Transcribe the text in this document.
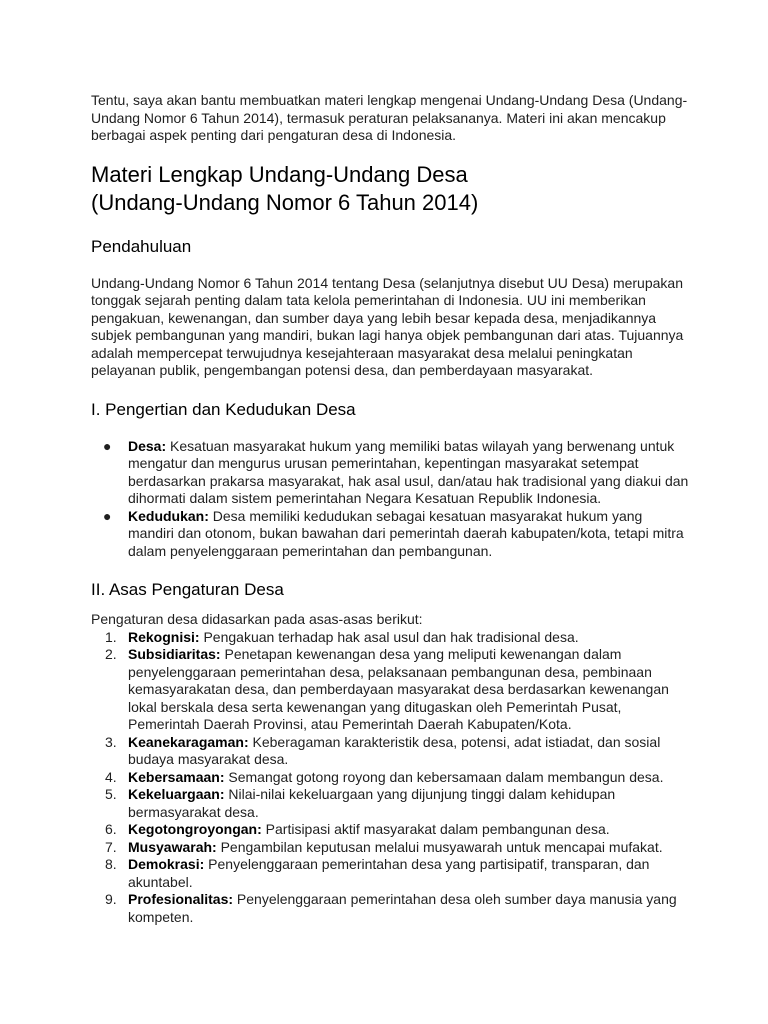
Tentu, saya akan bantu membuatkan materi lengkap mengenai Undang-Undang Desa (Undang-Undang Nomor 6 Tahun 2014), termasuk peraturan pelaksananya. Materi ini akan mencakup berbagai aspek penting dari pengaturan desa di Indonesia.

Materi Lengkap Undang-Undang Desa
(Undang-Undang Nomor 6 Tahun 2014)
Pendahuluan

Undang-Undang Nomor 6 Tahun 2014 tentang Desa (selanjutnya disebut UU Desa) merupakan tonggak sejarah penting dalam tata kelola pemerintahan di Indonesia. UU ini memberikan pengakuan, kewenangan, dan sumber daya yang lebih besar kepada desa, menjadikannya subjek pembangunan yang mandiri, bukan lagi hanya objek pembangunan dari atas. Tujuannya adalah mempercepat terwujudnya kesejahteraan masyarakat desa melalui peningkatan pelayanan publik, pengembangan potensi desa, dan pemberdayaan masyarakat.

I. Pengertian dan Kedudukan Desa
●	Desa: Kesatuan masyarakat hukum yang memiliki batas wilayah yang berwenang untuk mengatur dan mengurus urusan pemerintahan, kepentingan masyarakat setempat berdasarkan prakarsa masyarakat, hak asal usul, dan/atau hak tradisional yang diakui dan dihormati dalam sistem pemerintahan Negara Kesatuan Republik Indonesia.
●	Kedudukan: Desa memiliki kedudukan sebagai kesatuan masyarakat hukum yang mandiri dan otonom, bukan bawahan dari pemerintah daerah kabupaten/kota, tetapi mitra dalam penyelenggaraan pemerintahan dan pembangunan.
II. Asas Pengaturan Desa

Pengaturan desa didasarkan pada asas-asas berikut:

1. Rekognisi: Pengakuan terhadap hak asal usul dan hak tradisional desa.
2. Subsidiaritas: Penetapan kewenangan desa yang meliputi kewenangan dalam penyelenggaraan pemerintahan desa, pelaksanaan pembangunan desa, pembinaan kemasyarakatan desa, dan pemberdayaan masyarakat desa berdasarkan kewenangan lokal berskala desa serta kewenangan yang ditugaskan oleh Pemerintah Pusat, Pemerintah Daerah Provinsi, atau Pemerintah Daerah Kabupaten/Kota.
3. Keanekaragaman: Keberagaman karakteristik desa, potensi, adat istiadat, dan sosial budaya masyarakat desa.
4. Kebersamaan: Semangat gotong royong dan kebersamaan dalam membangun desa.
5. Kekeluargaan: Nilai-nilai kekeluargaan yang dijunjung tinggi dalam kehidupan bermasyarakat desa.
6. Kegotongroyongan: Partisipasi aktif masyarakat dalam pembangunan desa.
7. Musyawarah: Pengambilan keputusan melalui musyawarah untuk mencapai mufakat.
8. Demokrasi: Penyelenggaraan pemerintahan desa yang partisipatif, transparan, dan akuntabel.
9. Profesionalitas: Penyelenggaraan pemerintahan desa oleh sumber daya manusia yang kompeten.
